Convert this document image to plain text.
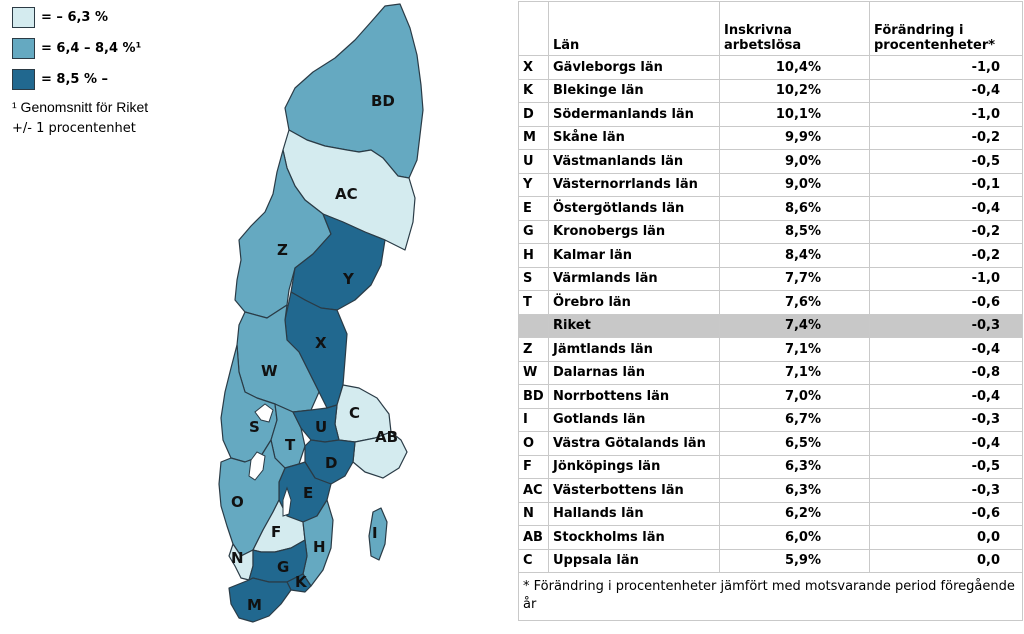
= – 6,3 %
= 6,4 – 8,4 %¹
= 8,5 % –
¹ Genomsnitt för Riket
+/- 1 procentenhet
BD
AC
Z
Y
X
W
C
AB
S
T
U
D
E
O
F
H
I
N G
K
M
	Län	Inskrivna arbetslösa	Förändring i procentenheter*
X	Gävleborgs län	10,4%	-1,0
K	Blekinge län	10,2%	-0,4
D	Södermanlands län	10,1%	-1,0
M	Skåne län	9,9%	-0,2
U	Västmanlands län	9,0%	-0,5
Y	Västernorrlands län	9,0%	-0,1
E	Östergötlands län	8,6%	-0,4
G	Kronobergs län	8,5%	-0,2
H	Kalmar län	8,4%	-0,2
S	Värmlands län	7,7%	-1,0
T	Örebro län	7,6%	-0,6
	Riket	7,4%	-0,3
Z	Jämtlands län	7,1%	-0,4
W	Dalarnas län	7,1%	-0,8
BD	Norrbottens län	7,0%	-0,4
I	Gotlands län	6,7%	-0,3
O	Västra Götalands län	6,5%	-0,4
F	Jönköpings län	6,3%	-0,5
AC	Västerbottens län	6,3%	-0,3
N	Hallands län	6,2%	-0,6
AB	Stockholms län	6,0%	0,0
C	Uppsala län	5,9%	0,0
* Förändring i procentenheter jämfört med motsvarande period föregående år			
